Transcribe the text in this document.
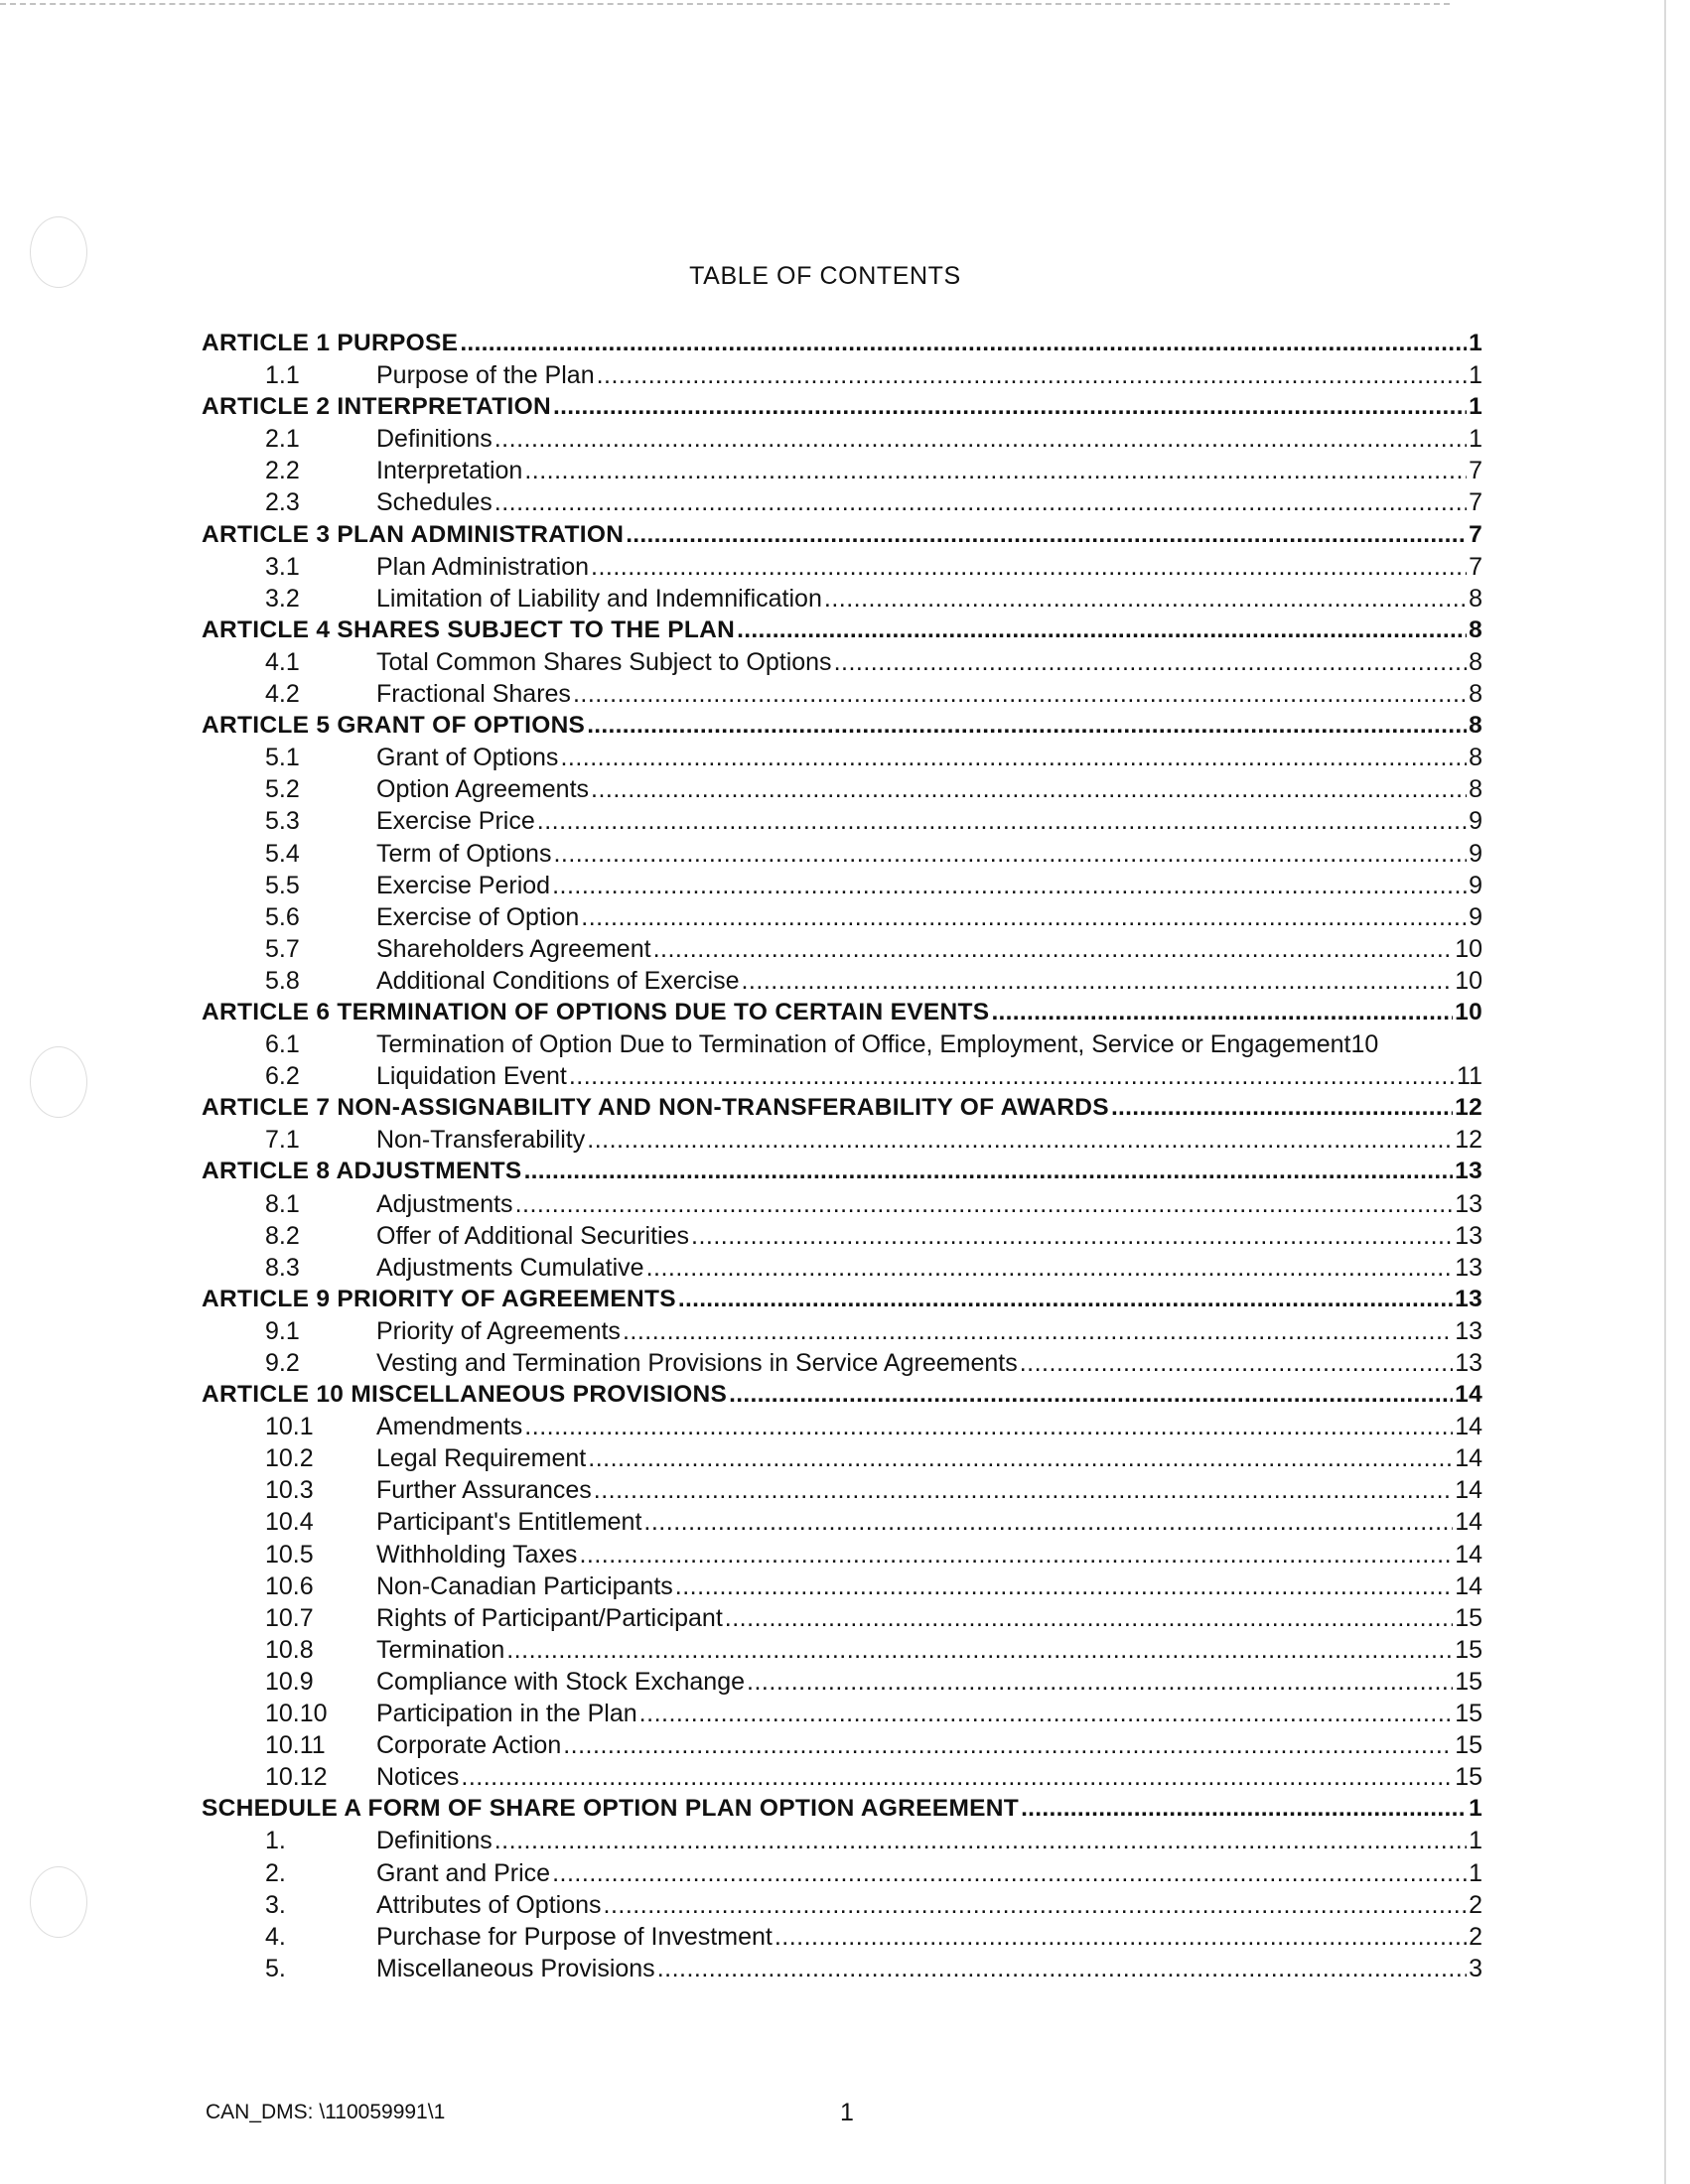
TABLE OF CONTENTS
ARTICLE 1 PURPOSE .....	1
1.1	Purpose of the Plan .....	1
ARTICLE 2 INTERPRETATION .....	1
2.1	Definitions .....	1
2.2	Interpretation .....	7
2.3	Schedules .....	7
ARTICLE 3 PLAN ADMINISTRATION .....	7
3.1	Plan Administration .....	7
3.2	Limitation of Liability and Indemnification .....	8
ARTICLE 4 SHARES SUBJECT TO THE PLAN .....	8
4.1	Total Common Shares Subject to Options .....	8
4.2	Fractional Shares .....	8
ARTICLE 5 GRANT OF OPTIONS .....	8
5.1	Grant of Options .....	8
5.2	Option Agreements .....	8
5.3	Exercise Price .....	9
5.4	Term of Options .....	9
5.5	Exercise Period .....	9
5.6	Exercise of Option .....	9
5.7	Shareholders Agreement .....	10
5.8	Additional Conditions of Exercise .....	10
ARTICLE 6 TERMINATION OF OPTIONS DUE TO CERTAIN EVENTS .....	10
6.1	Termination of Option Due to Termination of Office, Employment, Service or Engagement 10
6.2	Liquidation Event .....	11
ARTICLE 7 NON-ASSIGNABILITY AND NON-TRANSFERABILITY OF AWARDS .....	12
7.1	Non-Transferability .....	12
ARTICLE 8 ADJUSTMENTS .....	13
8.1	Adjustments .....	13
8.2	Offer of Additional Securities .....	13
8.3	Adjustments Cumulative .....	13
ARTICLE 9 PRIORITY OF AGREEMENTS .....	13
9.1	Priority of Agreements .....	13
9.2	Vesting and Termination Provisions in Service Agreements .....	13
ARTICLE 10 MISCELLANEOUS PROVISIONS .....	14
10.1	Amendments .....	14
10.2	Legal Requirement .....	14
10.3	Further Assurances .....	14
10.4	Participant's Entitlement .....	14
10.5	Withholding Taxes .....	14
10.6	Non-Canadian Participants .....	14
10.7	Rights of Participant/Participant .....	15
10.8	Termination .....	15
10.9	Compliance with Stock Exchange .....	15
10.10	Participation in the Plan .....	15
10.11	Corporate Action .....	15
10.12	Notices .....	15
SCHEDULE A FORM OF SHARE OPTION PLAN OPTION AGREEMENT .....	1
1.	Definitions .....	1
2.	Grant and Price .....	1
3.	Attributes of Options .....	2
4.	Purchase for Purpose of Investment .....	2
5.	Miscellaneous Provisions .....	3
CAN_DMS: \110059991\1	1
